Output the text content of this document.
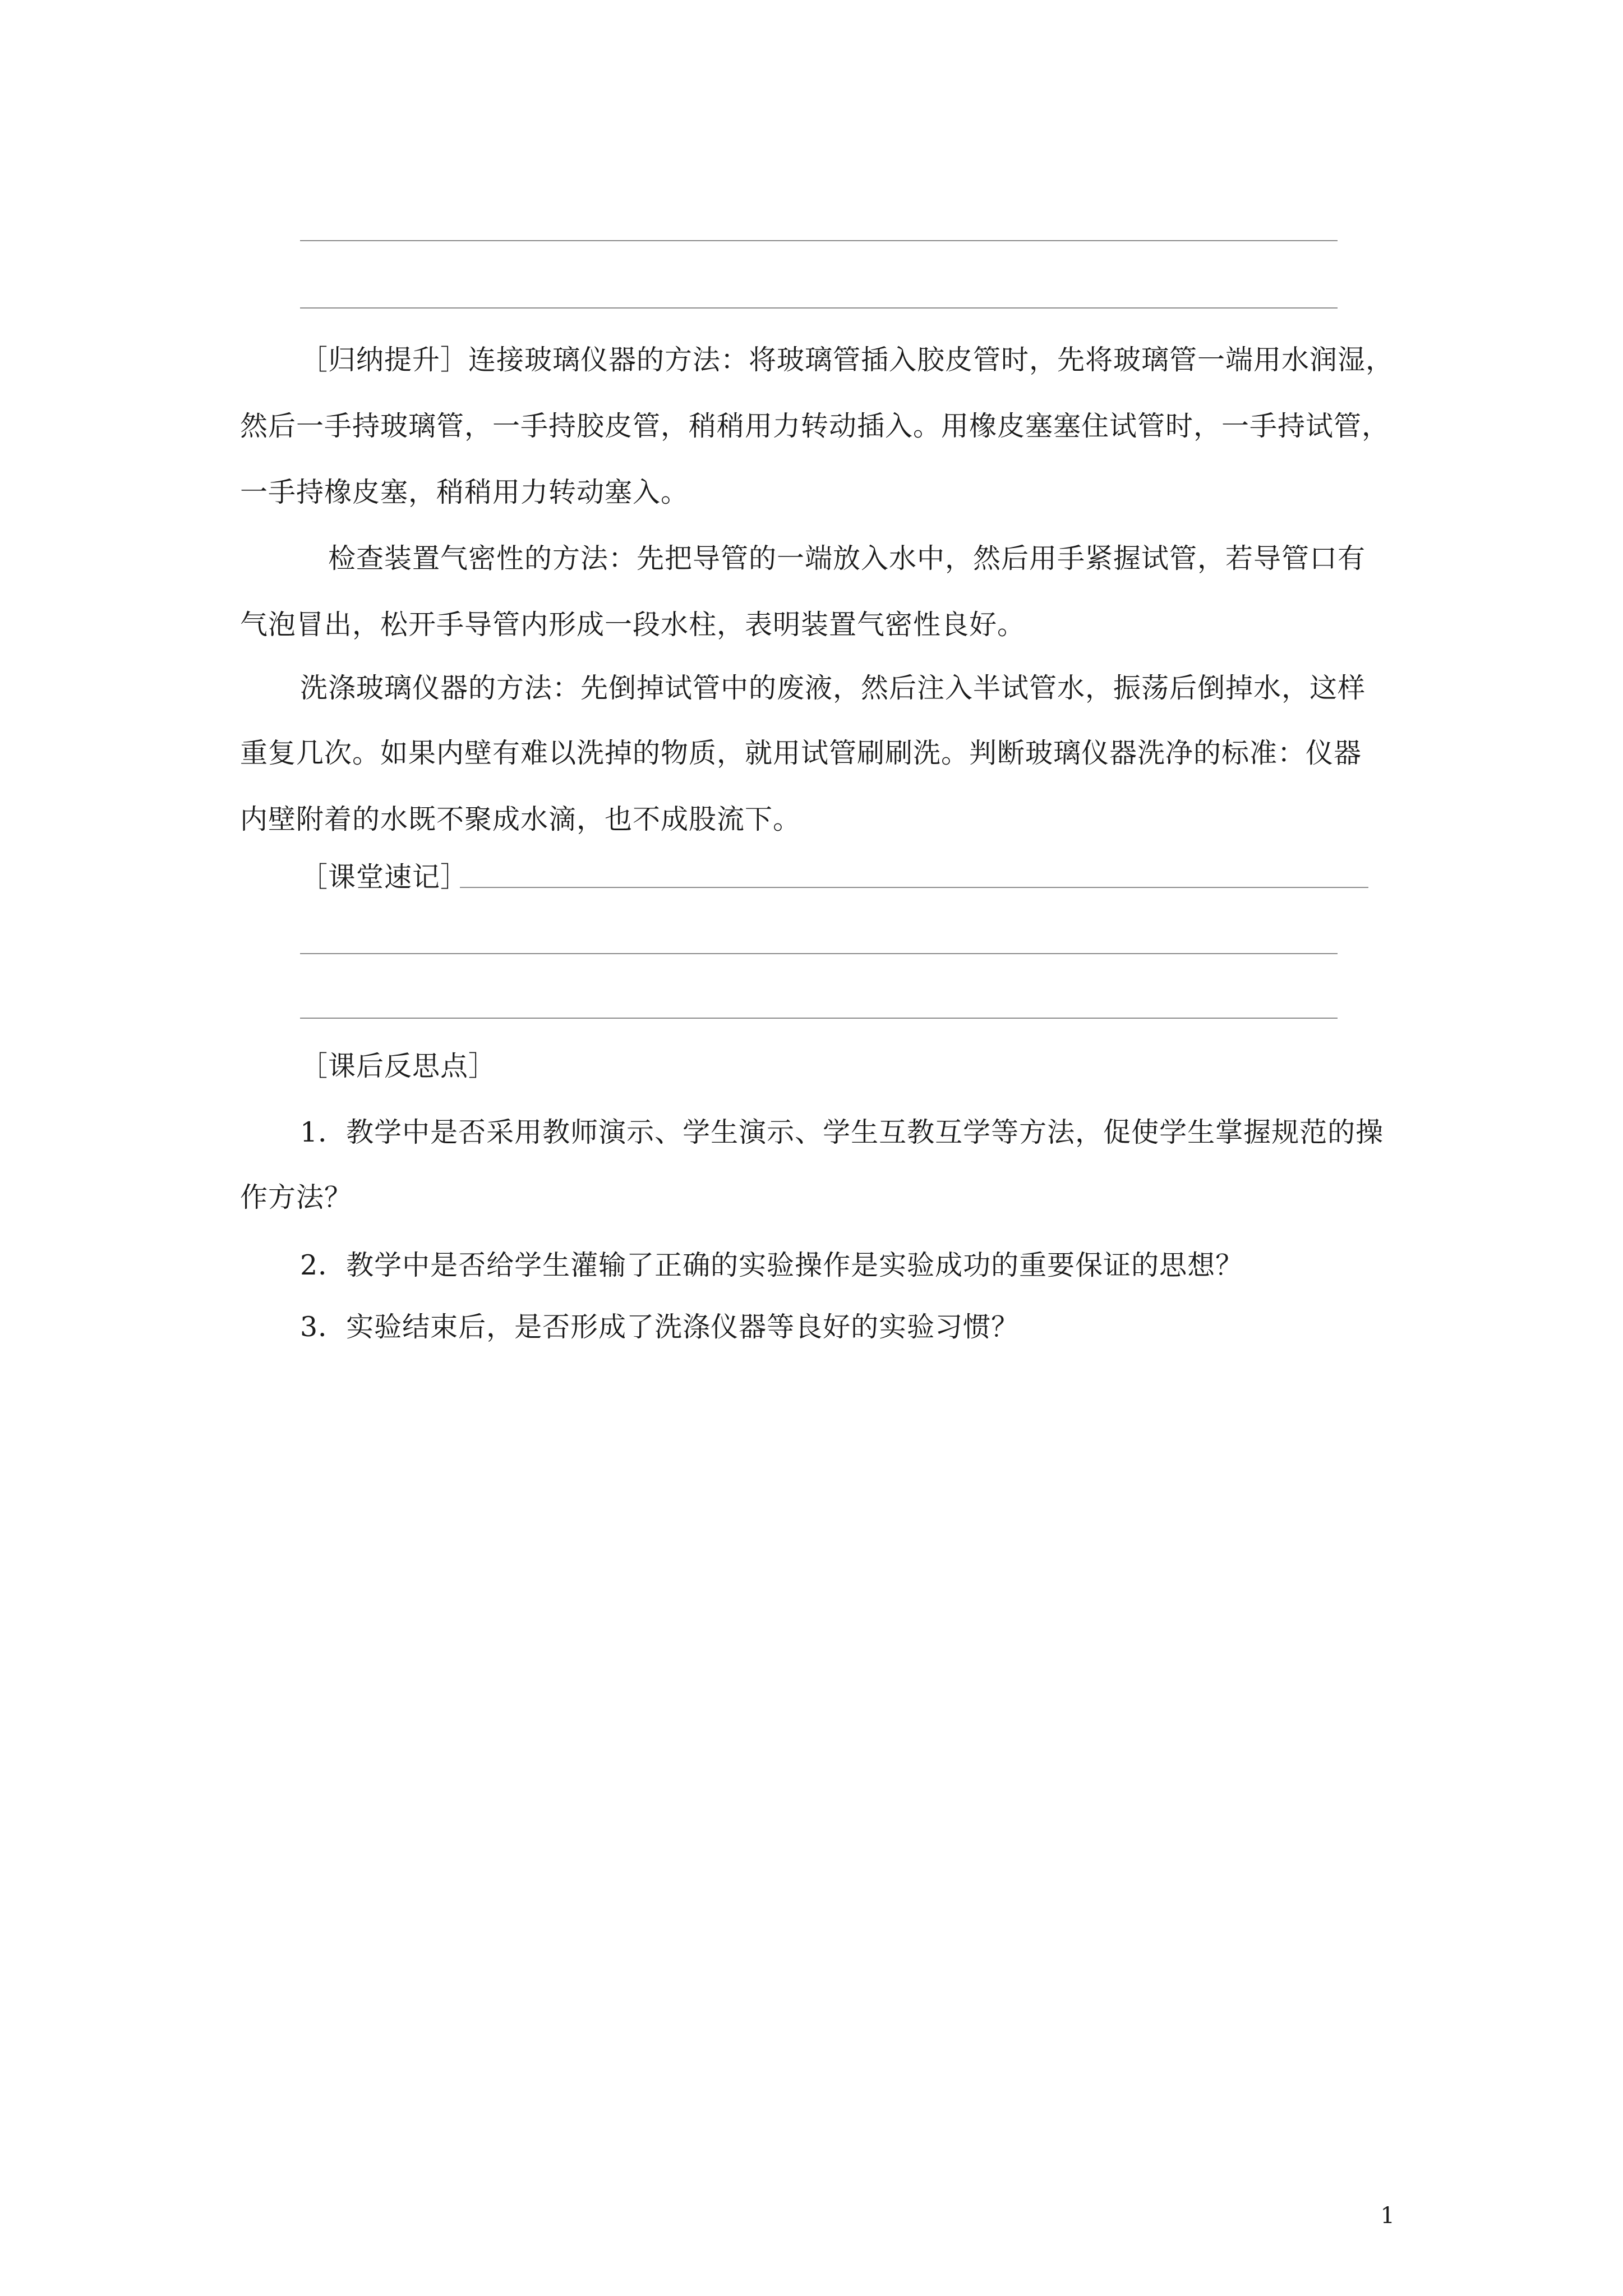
［归纳提升］连接玻璃仪器的方法：将玻璃管插入胶皮管时，先将玻璃管一端用水润湿，
然后一手持玻璃管，一手持胶皮管，稍稍用力转动插入。用橡皮塞塞住试管时，一手持试管，
一手持橡皮塞，稍稍用力转动塞入。
检查装置气密性的方法：先把导管的一端放入水中，然后用手紧握试管，若导管口有
气泡冒出，松开手导管内形成一段水柱，表明装置气密性良好。
洗涤玻璃仪器的方法：先倒掉试管中的废液，然后注入半试管水，振荡后倒掉水，这样
重复几次。如果内壁有难以洗掉的物质，就用试管刷刷洗。判断玻璃仪器洗净的标准：仪器
内壁附着的水既不聚成水滴，也不成股流下。
［课堂速记］
［课后反思点］
1．教学中是否采用教师演示、学生演示、学生互教互学等方法，促使学生掌握规范的操
作方法？
2．教学中是否给学生灌输了正确的实验操作是实验成功的重要保证的思想？
3．实验结束后，是否形成了洗涤仪器等良好的实验习惯？
1
